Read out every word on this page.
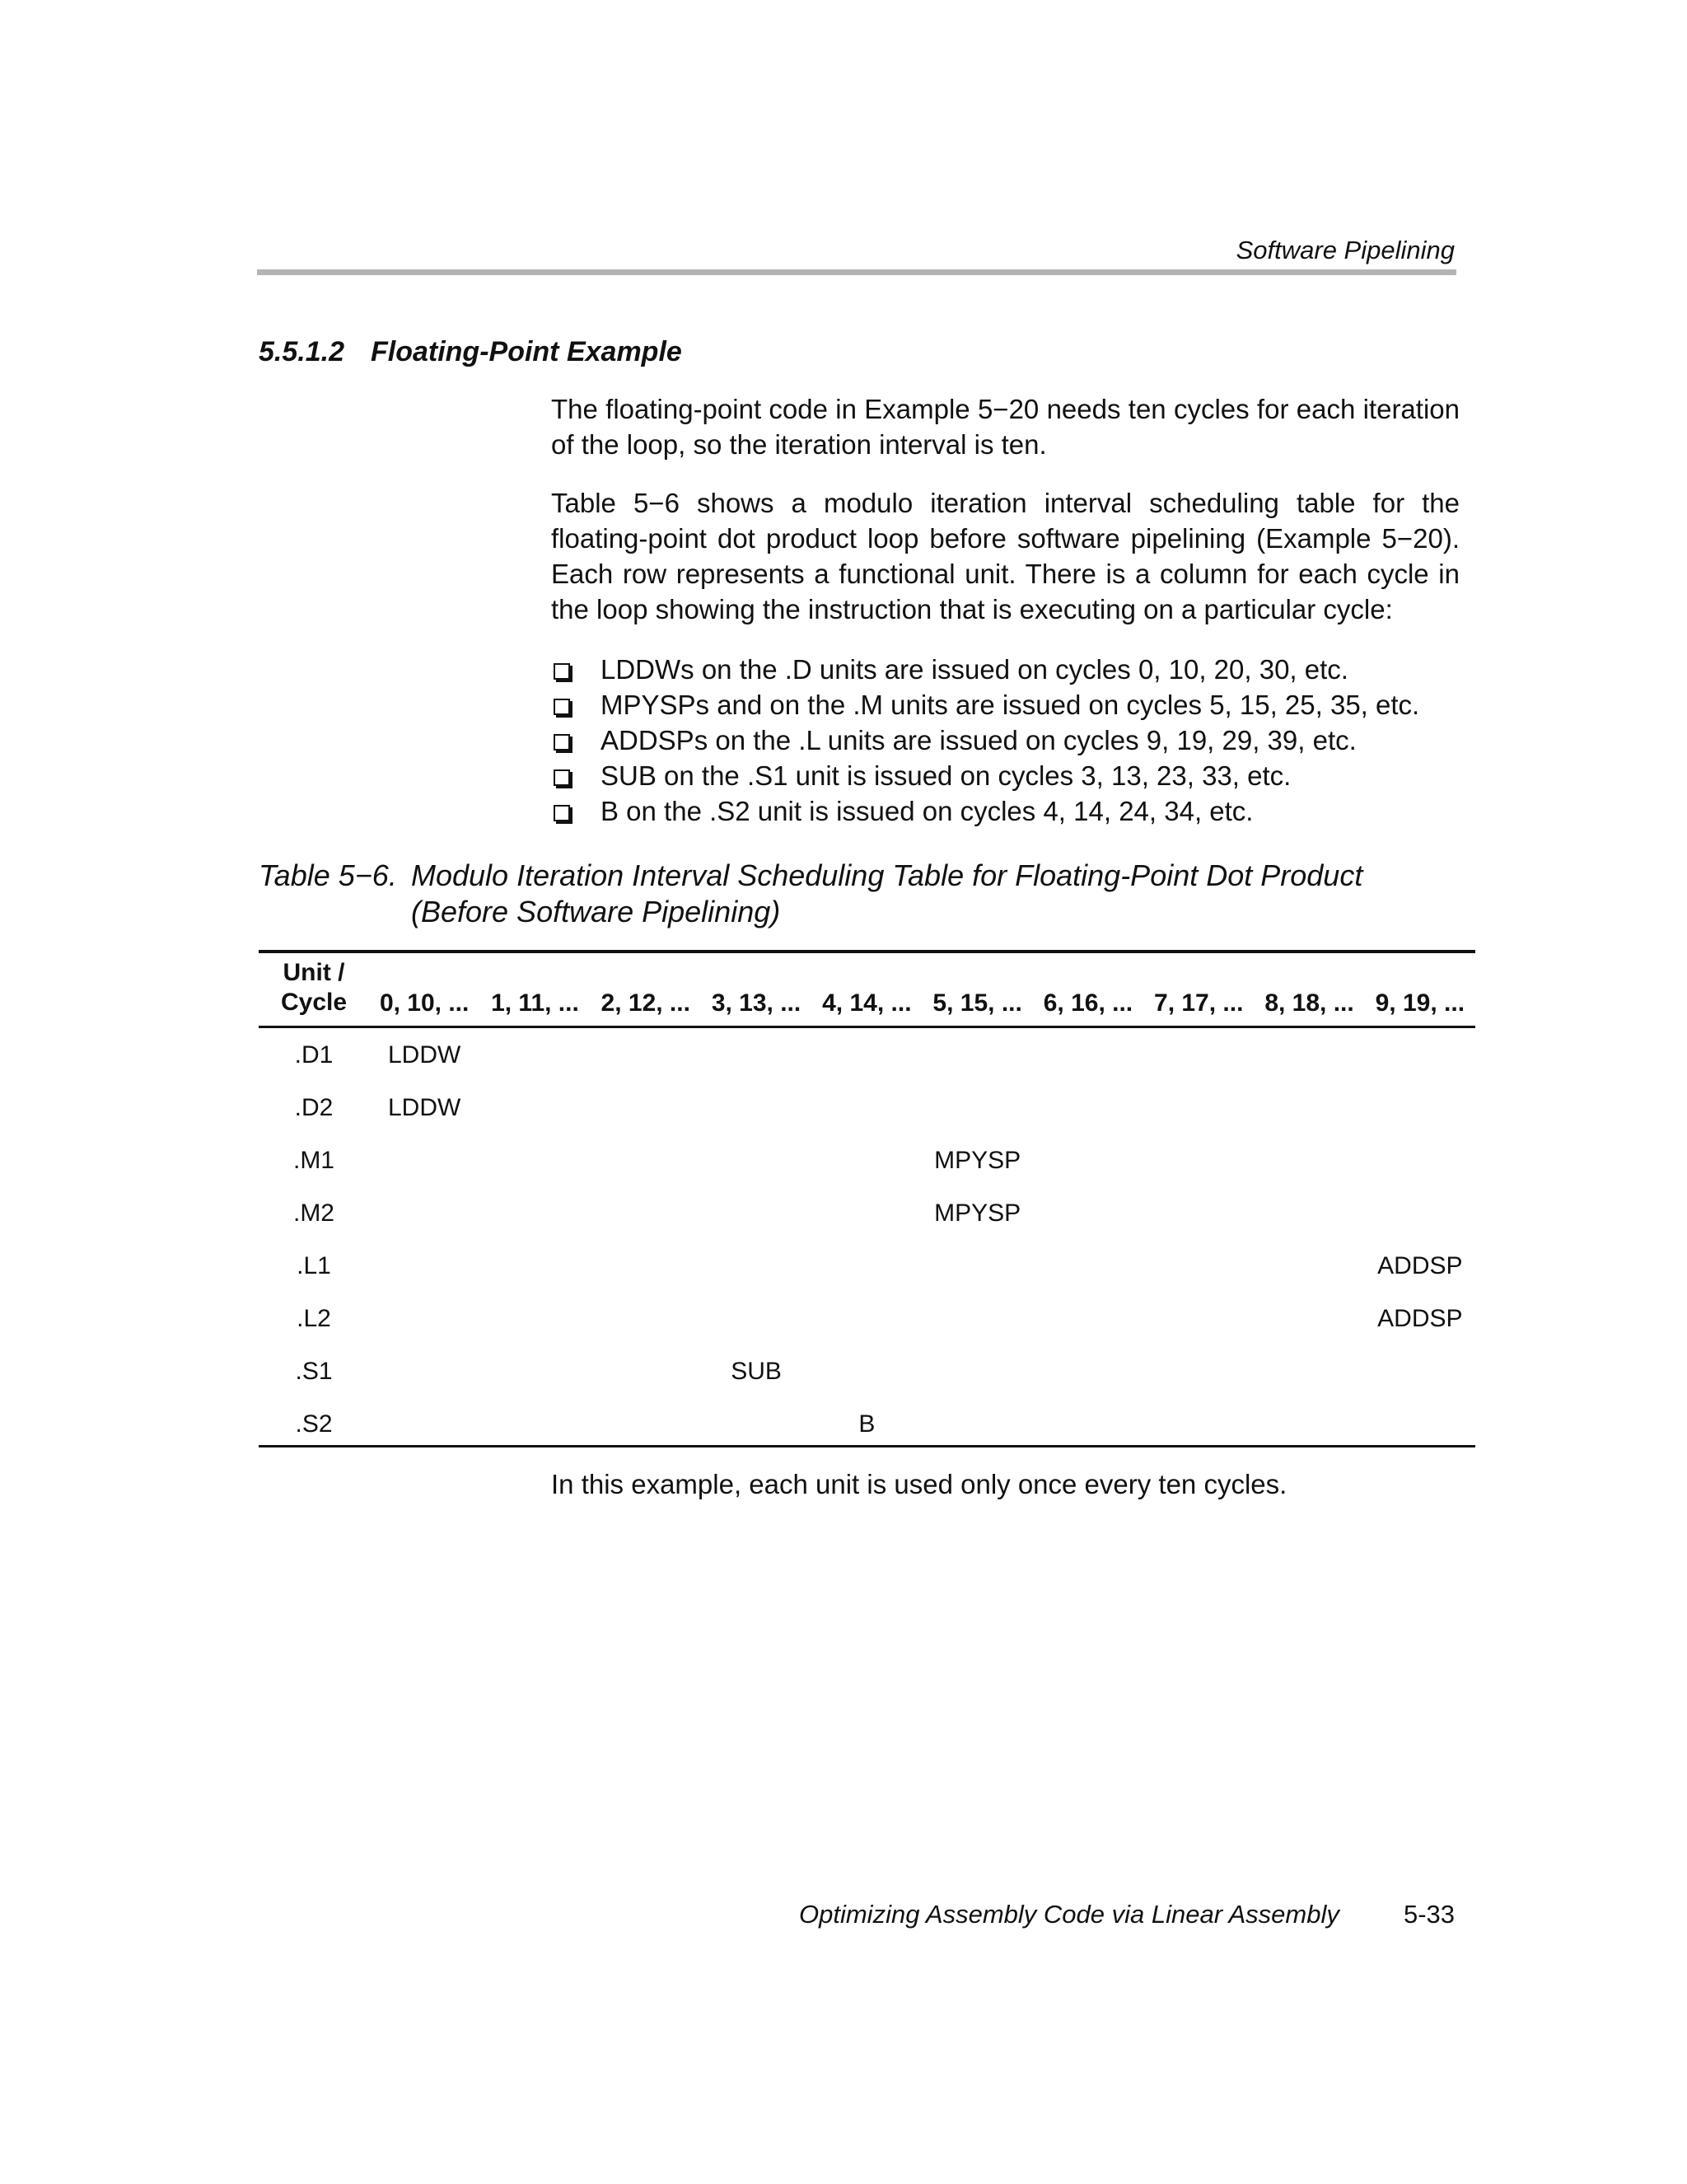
Software Pipelining
5.5.1.2 Floating-Point Example
The floating-point code in Example 5−20 needs ten cycles for each iteration of the loop, so the iteration interval is ten.
Table 5−6 shows a modulo iteration interval scheduling table for the floating-point dot product loop before software pipelining (Example 5−20). Each row represents a functional unit. There is a column for each cycle in the loop showing the instruction that is executing on a particular cycle:
LDDWs on the .D units are issued on cycles 0, 10, 20, 30, etc.
MPYSPs and on the .M units are issued on cycles 5, 15, 25, 35, etc.
ADDSPs on the .L units are issued on cycles 9, 19, 29, 39, etc.
SUB on the .S1 unit is issued on cycles 3, 13, 23, 33, etc.
B on the .S2 unit is issued on cycles 4, 14, 24, 34, etc.
Table 5−6. Modulo Iteration Interval Scheduling Table for Floating-Point Dot Product
(Before Software Pipelining)
Unit /
Cycle	0, 10, ...	1, 11, ...	2, 12, ...	3, 13, ...	4, 14, ...	5, 15, ...	6, 16, ...	7, 17, ...	8, 18, ...	9, 19, ...
.D1	LDDW									
.D2	LDDW									
.M1						MPYSP				
.M2						MPYSP				
.L1										ADDSP
.L2										ADDSP
.S1				SUB						
.S2					B					
In this example, each unit is used only once every ten cycles.
Optimizing Assembly Code via Linear Assembly	5-33
